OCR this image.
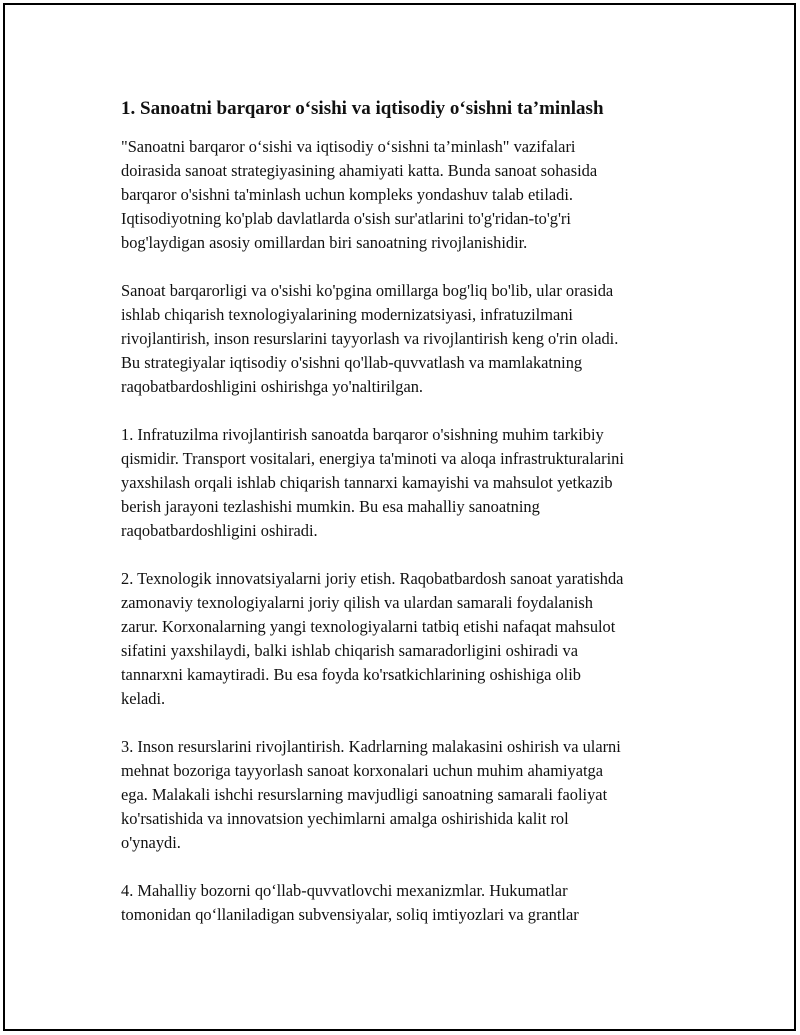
1. Sanoatni barqaror o‘sishi va iqtisodiy o‘sishni ta’minlash
"Sanoatni barqaror o‘sishi va iqtisodiy o‘sishni ta’minlash" vazifalari
doirasida sanoat strategiyasining ahamiyati katta. Bunda sanoat sohasida
barqaror o'sishni ta'minlash uchun kompleks yondashuv talab etiladi.
Iqtisodiyotning ko'plab davlatlarda o'sish sur'atlarini to'g'ridan-to'g'ri
bog'laydigan asosiy omillardan biri sanoatning rivojlanishidir.
Sanoat barqarorligi va o'sishi ko'pgina omillarga bog'liq bo'lib, ular orasida
ishlab chiqarish texnologiyalarining modernizatsiyasi, infratuzilmani
rivojlantirish, inson resurslarini tayyorlash va rivojlantirish keng o'rin oladi.
Bu strategiyalar iqtisodiy o'sishni qo'llab-quvvatlash va mamlakatning
raqobatbardoshligini oshirishga yo'naltirilgan.
1. Infratuzilma rivojlantirish sanoatda barqaror o'sishning muhim tarkibiy
qismidir. Transport vositalari, energiya ta'minoti va aloqa infrastrukturalarini
yaxshilash orqali ishlab chiqarish tannarxi kamayishi va mahsulot yetkazib
berish jarayoni tezlashishi mumkin. Bu esa mahalliy sanoatning
raqobatbardoshligini oshiradi.
2. Texnologik innovatsiyalarni joriy etish. Raqobatbardosh sanoat yaratishda
zamonaviy texnologiyalarni joriy qilish va ulardan samarali foydalanish
zarur. Korxonalarning yangi texnologiyalarni tatbiq etishi nafaqat mahsulot
sifatini yaxshilaydi, balki ishlab chiqarish samaradorligini oshiradi va
tannarxni kamaytiradi. Bu esa foyda ko'rsatkichlarining oshishiga olib
keladi.
3. Inson resurslarini rivojlantirish. Kadrlarning malakasini oshirish va ularni
mehnat bozoriga tayyorlash sanoat korxonalari uchun muhim ahamiyatga
ega. Malakali ishchi resurslarning mavjudligi sanoatning samarali faoliyat
ko'rsatishida va innovatsion yechimlarni amalga oshirishida kalit rol
o'ynaydi.
4. Mahalliy bozorni qo‘llab-quvvatlovchi mexanizmlar. Hukumatlar
tomonidan qo‘llaniladigan subvensiyalar, soliq imtiyozlari va grantlar
